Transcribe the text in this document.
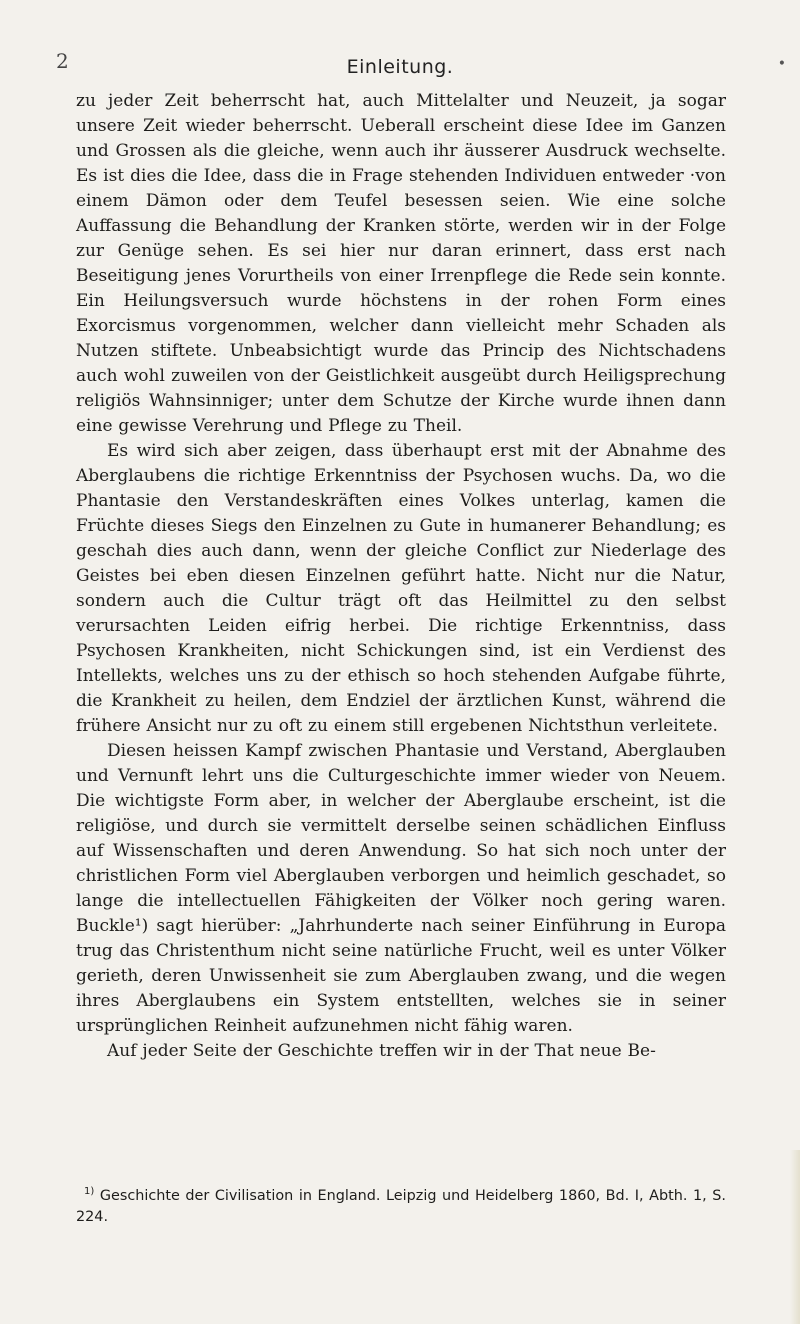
2	Einleitung.	•

zu jeder Zeit beherrscht hat, auch Mittelalter und Neuzeit, ja sogar unsere Zeit wieder beherrscht. Ueberall erscheint diese Idee im Ganzen und Grossen als die gleiche, wenn auch ihr äusserer Ausdruck wechselte. Es ist dies die Idee, dass die in Frage stehenden Individuen entweder ·von einem Dämon oder dem Teufel besessen seien. Wie eine solche Auffassung die Behandlung der Kranken störte, werden wir in der Folge zur Genüge sehen. Es sei hier nur daran erinnert, dass erst nach Beseitigung jenes Vorurtheils von einer Irrenpflege die Rede sein konnte. Ein Heilungsversuch wurde höchstens in der rohen Form eines Exorcismus vorgenommen, welcher dann vielleicht mehr Schaden als Nutzen stiftete. Unbeabsichtigt wurde das Princip des Nichtschadens auch wohl zuweilen von der Geistlichkeit ausgeübt durch Heiligsprechung religiös Wahnsinniger; unter dem Schutze der Kirche wurde ihnen dann eine gewisse Verehrung und Pflege zu Theil.

Es wird sich aber zeigen, dass überhaupt erst mit der Abnahme des Aberglaubens die richtige Erkenntniss der Psychosen wuchs. Da, wo die Phantasie den Verstandeskräften eines Volkes unterlag, kamen die Früchte dieses Siegs den Einzelnen zu Gute in humanerer Behandlung; es geschah dies auch dann, wenn der gleiche Conflict zur Niederlage des Geistes bei eben diesen Einzelnen geführt hatte. Nicht nur die Natur, sondern auch die Cultur trägt oft das Heilmittel zu den selbst verursachten Leiden eifrig herbei. Die richtige Erkenntniss, dass Psychosen Krankheiten, nicht Schickungen sind, ist ein Verdienst des Intellekts, welches uns zu der ethisch so hoch stehenden Aufgabe führte, die Krankheit zu heilen, dem Endziel der ärztlichen Kunst, während die frühere Ansicht nur zu oft zu einem still ergebenen Nichtsthun verleitete.

Diesen heissen Kampf zwischen Phantasie und Verstand, Aberglauben und Vernunft lehrt uns die Culturgeschichte immer wieder von Neuem. Die wichtigste Form aber, in welcher der Aberglaube erscheint, ist die religiöse, und durch sie vermittelt derselbe seinen schädlichen Einfluss auf Wissenschaften und deren Anwendung. So hat sich noch unter der christlichen Form viel Aberglauben verborgen und heimlich geschadet, so lange die intellectuellen Fähigkeiten der Völker noch gering waren. Buckle¹) sagt hierüber: „Jahrhunderte nach seiner Einführung in Europa trug das Christenthum nicht seine natürliche Frucht, weil es unter Völker gerieth, deren Unwissenheit sie zum Aberglauben zwang, und die wegen ihres Aberglaubens ein System entstellten, welches sie in seiner ursprünglichen Reinheit aufzunehmen nicht fähig waren.

Auf jeder Seite der Geschichte treffen wir in der That neue Be-

$^{1)}$ Geschichte der Civilisation in England. Leipzig und Heidelberg 1860, Bd. I, Abth. 1, S. 224.
